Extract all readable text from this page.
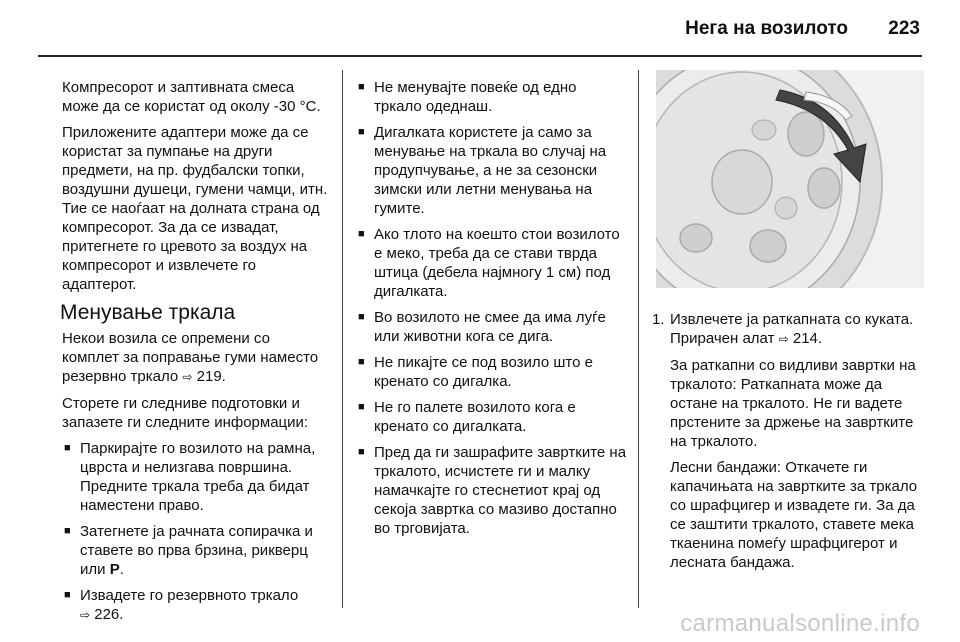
Нега на возилото 223

Компресорот и заптивната смеса може да се користат од околу -30 °C.

Приложените адаптери може да се користат за пумпање на други предмети, на пр. фудбалски топки, воздушни душеци, гумени чамци, итн. Тие се наоѓаат на долната страна од компресорот. За да се извадат, притегнете го цревото за воздух на компресорот и извлечете го адаптерот.

Менување тркала

Некои возила се опремени со комплет за поправање гуми наместо резервно тркало ⇨ 219.

Сторете ги следниве подготовки и запазете ги следните информации:

■ Паркирајте го возилото на рамна, цврста и нелизгава површина. Предните тркала треба да бидат наместени право.
■ Затегнете ја рачната сопирачка и ставете во прва брзина, рикверц или P.
■ Извадете го резервното тркало
⇨ 226.
■ Не менувајте повеќе од едно тркало одеднаш.
■ Дигалката користете ја само за менување на тркала во случај на продупчување, а не за сезонски зимски или летни менувања на гумите.
■ Ако тлото на коешто стои возилото е меко, треба да се стави тврда штица (дебела најмногу 1 см) под дигалката.
■ Во возилото не смее да има луѓе или животни кога се дига.
■ Не пикајте се под возило што е кренато со дигалка.
■ Не го палете возилото кога е кренато со дигалката.
■ Пред да ги зашрафите завртките на тркалото, исчистете ги и малку намачкајте го стеснетиот крај од секоја завртка со мазиво достапно во трговијата.
1. Извлечете ја раткапната со куката. Прирачен алат ⇨ 214.

За раткапни со видливи завртки на тркалото: Раткапната може да остане на тркалото. Не ги вадете прстените за држење на завртките на тркалото.

Лесни бандажи: Откачете ги капачињата на завртките за тркало со шрафцигер и извадете ги. За да се заштити тркалото, ставете мека ткаенина помеѓу шрафцигерот и лесната бандажа.

carmanualsonline.info
